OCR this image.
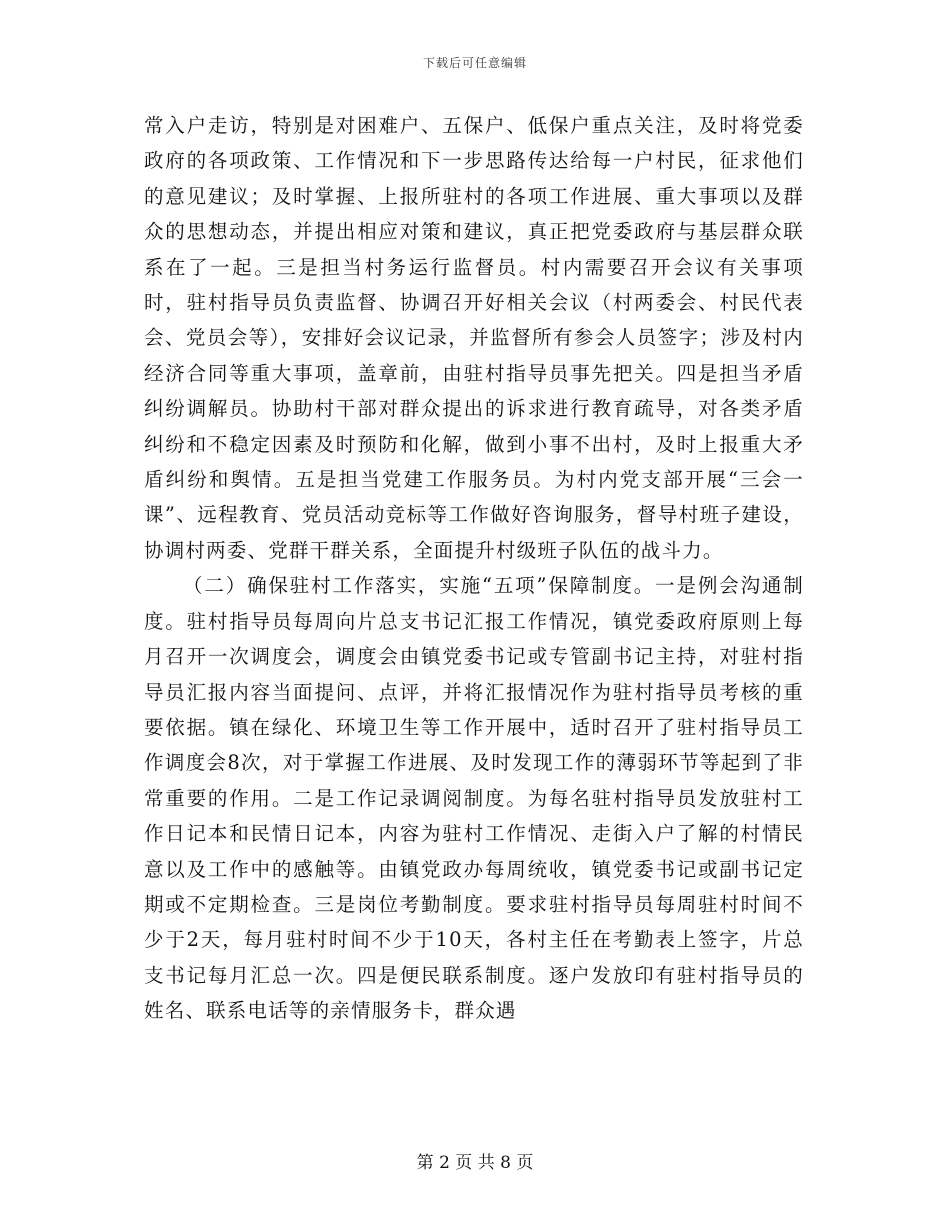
下载后可任意编辑

常入户走访，特别是对困难户、五保户、低保户重点关注，及时将党委政府的各项政策、工作情况和下一步思路传达给每一户村民，征求他们的意见建议；及时掌握、上报所驻村的各项工作进展、重大事项以及群众的思想动态，并提出相应对策和建议，真正把党委政府与基层群众联系在了一起。三是担当村务运行监督员。村内需要召开会议有关事项时，驻村指导员负责监督、协调召开好相关会议（村两委会、村民代表会、党员会等），安排好会议记录，并监督所有参会人员签字；涉及村内经济合同等重大事项，盖章前，由驻村指导员事先把关。四是担当矛盾纠纷调解员。协助村干部对群众提出的诉求进行教育疏导，对各类矛盾纠纷和不稳定因素及时预防和化解，做到小事不出村，及时上报重大矛盾纠纷和舆情。五是担当党建工作服务员。为村内党支部开展“三会一课”、远程教育、党员活动竞标等工作做好咨询服务，督导村班子建设，协调村两委、党群干群关系，全面提升村级班子队伍的战斗力。

（二）确保驻村工作落实，实施“五项”保障制度。一是例会沟通制度。驻村指导员每周向片总支书记汇报工作情况，镇党委政府原则上每月召开一次调度会，调度会由镇党委书记或专管副书记主持，对驻村指导员汇报内容当面提问、点评，并将汇报情况作为驻村指导员考核的重要依据。镇在绿化、环境卫生等工作开展中，适时召开了驻村指导员工作调度会8次，对于掌握工作进展、及时发现工作的薄弱环节等起到了非常重要的作用。二是工作记录调阅制度。为每名驻村指导员发放驻村工作日记本和民情日记本，内容为驻村工作情况、走街入户了解的村情民意以及工作中的感触等。由镇党政办每周统收，镇党委书记或副书记定期或不定期检查。三是岗位考勤制度。要求驻村指导员每周驻村时间不少于2天，每月驻村时间不少于10天，各村主任在考勤表上签字，片总支书记每月汇总一次。四是便民联系制度。逐户发放印有驻村指导员的姓名、联系电话等的亲情服务卡，群众遇

第 2 页 共 8 页
